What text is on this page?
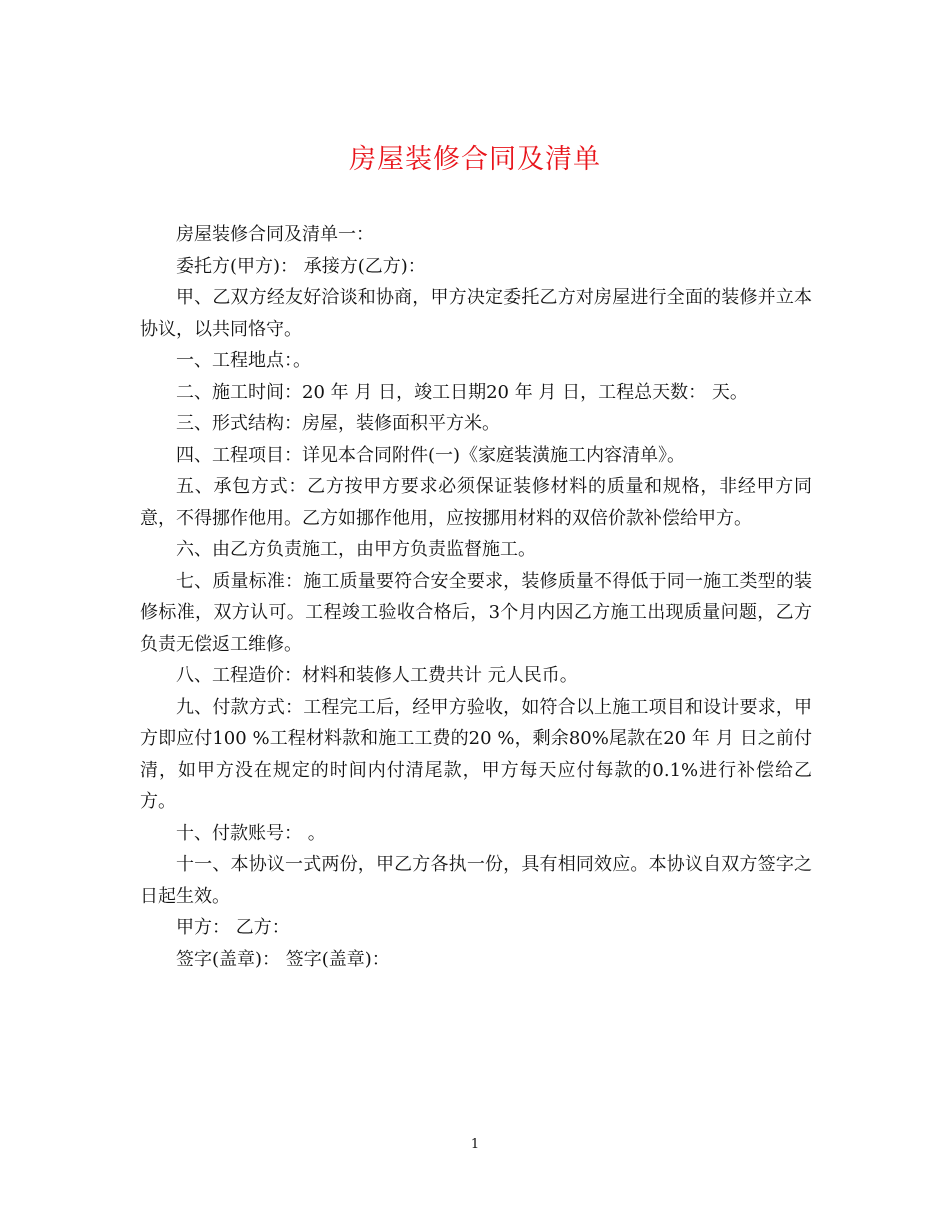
房屋装修合同及清单

房屋装修合同及清单一：

委托方(甲方)： 承接方(乙方)：

甲、乙双方经友好洽谈和协商，甲方决定委托乙方对房屋进行全面的装修并立本协议，以共同恪守。

一、工程地点：。

二、施工时间：20 年 月 日，竣工日期20 年 月 日，工程总天数： 天。

三、形式结构：房屋，装修面积平方米。

四、工程项目：详见本合同附件(一)《家庭装潢施工内容清单》。

五、承包方式：乙方按甲方要求必须保证装修材料的质量和规格，非经甲方同意，不得挪作他用。乙方如挪作他用，应按挪用材料的双倍价款补偿给甲方。

六、由乙方负责施工，由甲方负责监督施工。

七、质量标准：施工质量要符合安全要求，装修质量不得低于同一施工类型的装修标准，双方认可。工程竣工验收合格后，3个月内因乙方施工出现质量问题，乙方负责无偿返工维修。

八、工程造价：材料和装修人工费共计 元人民币。

九、付款方式：工程完工后，经甲方验收，如符合以上施工项目和设计要求，甲方即应付100 %工程材料款和施工工费的20 %，剩余80%尾款在20 年 月 日之前付清，如甲方没在规定的时间内付清尾款，甲方每天应付每款的0.1%进行补偿给乙方。

十、付款账号： 。

十一、本协议一式两份，甲乙方各执一份，具有相同效应。本协议自双方签字之日起生效。

甲方： 乙方：

签字(盖章)： 签字(盖章)：

1
